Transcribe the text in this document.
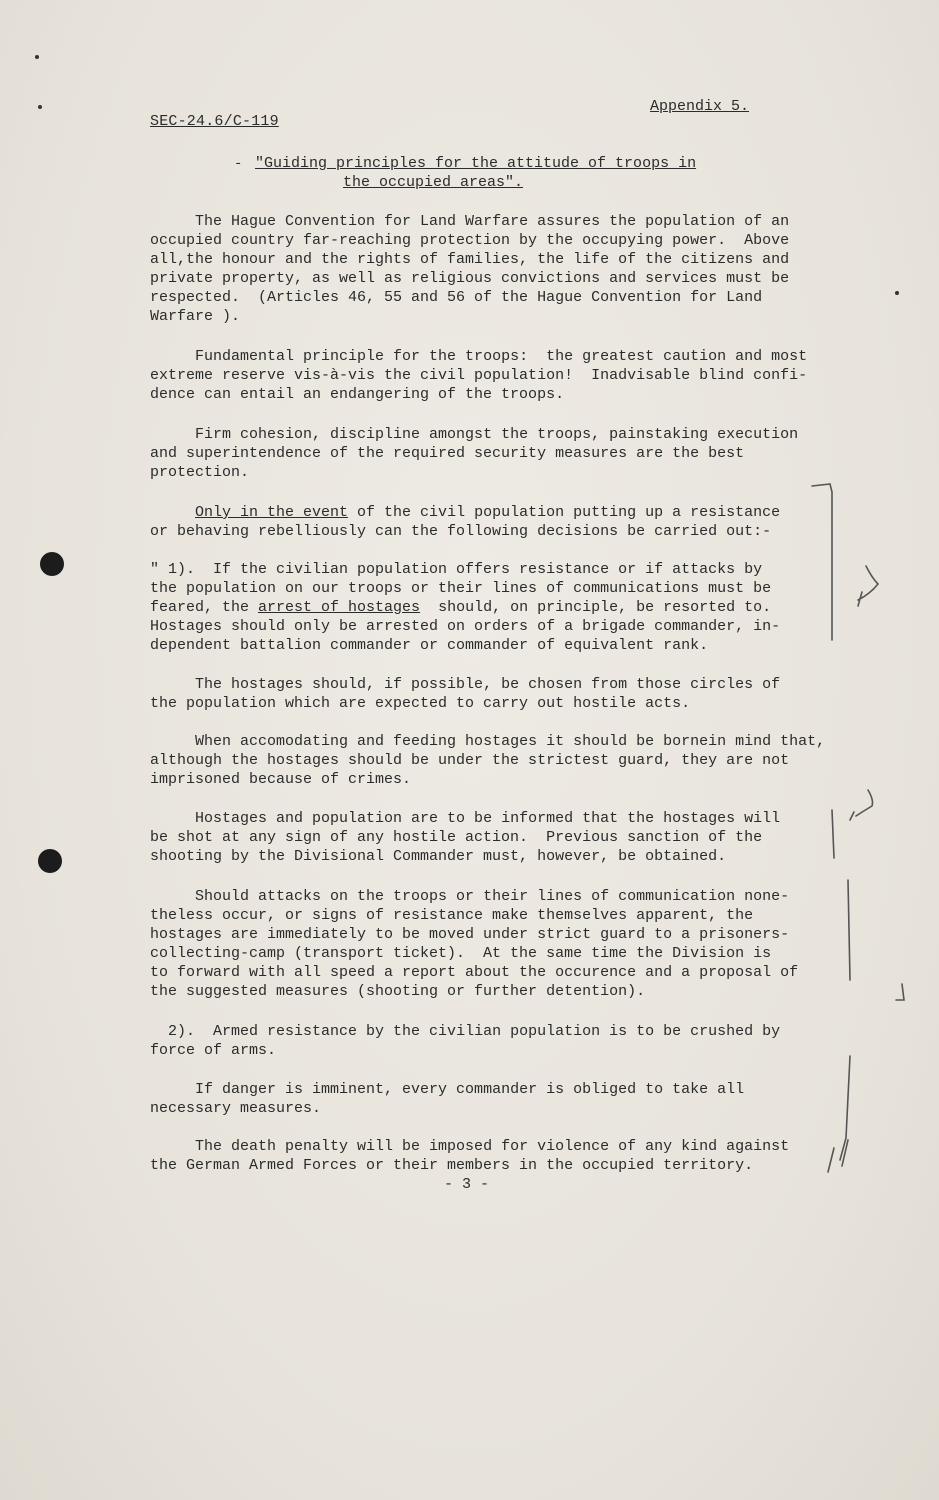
SEC-24.6/C-119
Appendix 5.
- "Guiding principles for the attitude of troops in
the occupied areas".

The Hague Convention for Land Warfare assures the population of an
occupied country far-reaching protection by the occupying power.  Above
all,the honour and the rights of families, the life of the citizens and
private property, as well as religious convictions and services must be
respected.  (Articles 46, 55 and 56 of the Hague Convention for Land
Warfare ).

Fundamental principle for the troops:  the greatest caution and most
extreme reserve vis-à-vis the civil population!  Inadvisable blind confi-
dence can entail an endangering of the troops.

Firm cohesion, discipline amongst the troops, painstaking execution
and superintendence of the required security measures are the best
protection.

Only in the event of the civil population putting up a resistance
or behaving rebelliously can the following decisions be carried out:-

" 1).  If the civilian population offers resistance or if attacks by
the population on our troops or their lines of communications must be
feared, the arrest of hostages  should, on principle, be resorted to.
Hostages should only be arrested on orders of a brigade commander, in-
dependent battalion commander or commander of equivalent rank.

The hostages should, if possible, be chosen from those circles of
the population which are expected to carry out hostile acts.

When accomodating and feeding hostages it should be bornein mind that,
although the hostages should be under the strictest guard, they are not
imprisoned because of crimes.

Hostages and population are to be informed that the hostages will
be shot at any sign of any hostile action.  Previous sanction of the
shooting by the Divisional Commander must, however, be obtained.

Should attacks on the troops or their lines of communication none-
theless occur, or signs of resistance make themselves apparent, the
hostages are immediately to be moved under strict guard to a prisoners-
collecting-camp (transport ticket).  At the same time the Division is
to forward with all speed a report about the occurence and a proposal of
the suggested measures (shooting or further detention).

2).  Armed resistance by the civilian population is to be crushed by
force of arms.

If danger is imminent, every commander is obliged to take all
necessary measures.

The death penalty will be imposed for violence of any kind against
the German Armed Forces or their members in the occupied territory.

- 3 -
